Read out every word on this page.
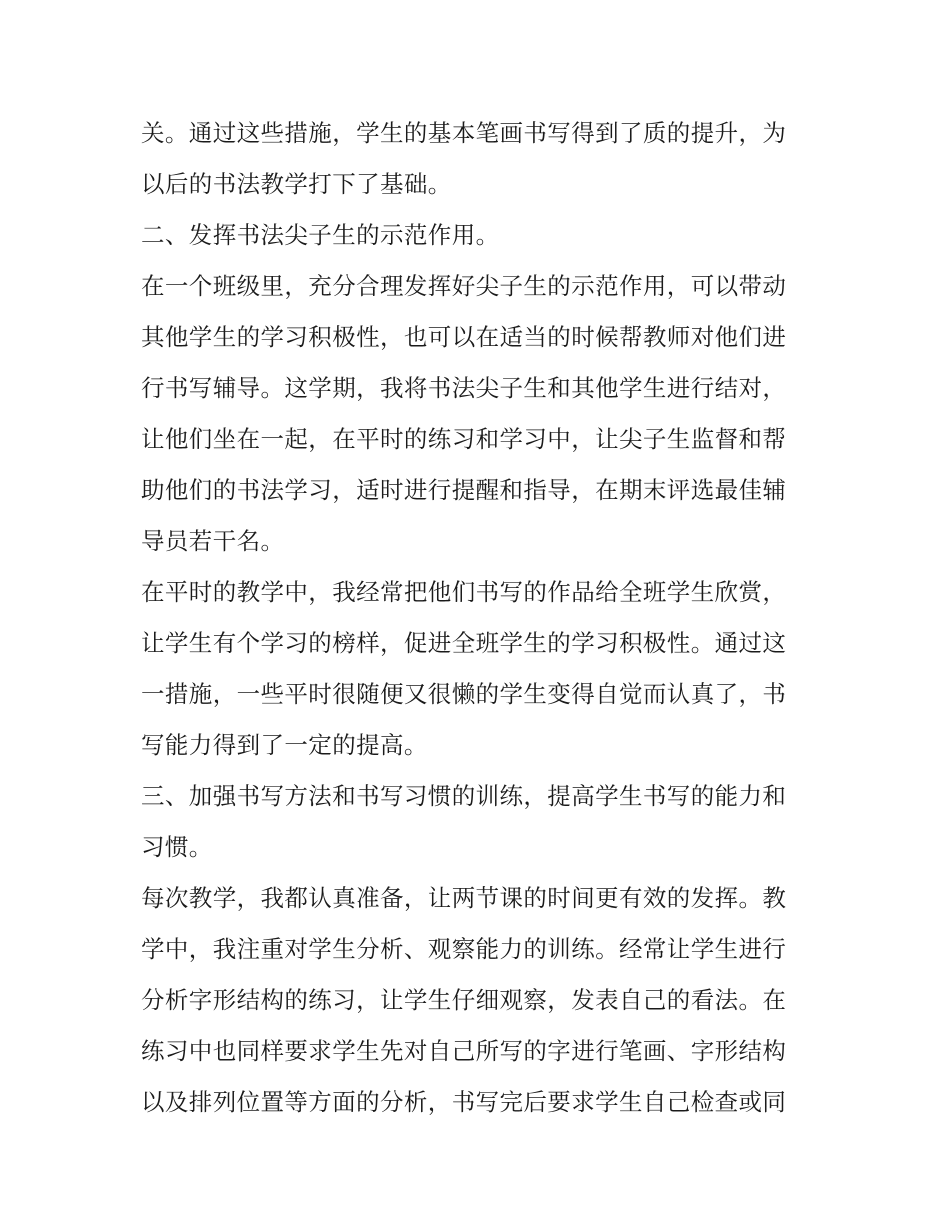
关。通过这些措施，学生的基本笔画书写得到了质的提升，为
以后的书法教学打下了基础。
二、发挥书法尖子生的示范作用。
在一个班级里，充分合理发挥好尖子生的示范作用，可以带动
其他学生的学习积极性，也可以在适当的时候帮教师对他们进
行书写辅导。这学期，我将书法尖子生和其他学生进行结对，
让他们坐在一起，在平时的练习和学习中，让尖子生监督和帮
助他们的书法学习，适时进行提醒和指导，在期末评选最佳辅
导员若干名。
在平时的教学中，我经常把他们书写的作品给全班学生欣赏，
让学生有个学习的榜样，促进全班学生的学习积极性。通过这
一措施，一些平时很随便又很懒的学生变得自觉而认真了，书
写能力得到了一定的提高。
三、加强书写方法和书写习惯的训练，提高学生书写的能力和
习惯。
每次教学，我都认真准备，让两节课的时间更有效的发挥。教
学中，我注重对学生分析、观察能力的训练。经常让学生进行
分析字形结构的练习，让学生仔细观察，发表自己的看法。在
练习中也同样要求学生先对自己所写的字进行笔画、字形结构
以及排列位置等方面的分析，书写完后要求学生自己检查或同
